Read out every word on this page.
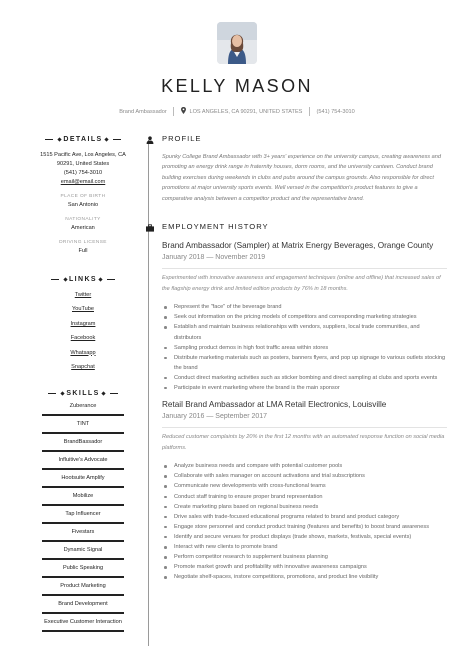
KELLY MASON
Brand Ambassador	LOS ANGELES, CA 90291, UNITED STATES	(541) 754-3010
DETAILS
1515 Pacific Ave, Los Angeles, CA
90291, United States
(541) 754-3010
email@email.com
PLACE OF BIRTH
San Antonio
NATIONALITY
American
DRIVING LICENSE
Full
LINKS
Twitter
YouTube
Instagram
Facebook
Whatsapp
Snapchat
SKILLS
Zuberance
TINT
BrandBassador
Influitive's Advocate
Hootsuite Amplify
Mobilize
Tap Influencer
Fivestars
Dynamic Signal
Public Speaking
Product Marketing
Brand Development
Executive Customer Interaction
PROFILE
Spunky College Brand Ambassador with 3+ years' experience on the university campus, creating awareness and promoting an energy drink range in fraternity houses, dorm rooms, and the university canteen. Conduct brand building exercises during weekends in clubs and pubs around the campus grounds. Also responsible for direct promotions at major university sports events. Well versed in the competition's product features to give a comparative analysis between a competitor product and the representative brand.
EMPLOYMENT HISTORY
Brand Ambassador (Sampler) at Matrix Energy Beverages, Orange County
January 2018 — November 2019
Experimented with innovative awareness and engagement techniques (online and offline) that increased sales of the flagship energy drink and limited edition products by 76% in 18 months.
Represent the "face" of the beverage brand
Seek out information on the pricing models of competitors and corresponding marketing strategies
Establish and maintain business relationships with vendors, suppliers, local trade communities, and distributors
Sampling product demos in high foot traffic areas within stores
Distribute marketing materials such as posters, banners flyers, and pop up signage to various outlets stocking the brand
Conduct direct marketing activities such as sticker bombing and direct sampling at clubs and sports events
Participate in event marketing where the brand is the main sponsor
Retail Brand Ambassador at LMA Retail Electronics, Louisville
January 2016 — September 2017
Reduced customer complaints by 20% in the first 12 months with an automated response function on social media platforms.
Analyze business needs and compare with potential customer pools
Collaborate with sales manager on account activations and trial subscriptions
Communicate new developments with cross-functional teams
Conduct staff training to ensure proper brand representation
Create marketing plans based on regional business needs
Drive sales with trade-focused educational programs related to brand and product category
Engage store personnel and conduct product training (features and benefits) to boost brand awareness
Identify and secure venues for product displays (trade shows, markets, festivals, special events)
Interact with new clients to promote brand
Perform competitor research to supplement business planning
Promote market growth and profitability with innovative awareness campaigns
Negotiate shelf-spaces, instore competitions, promotions, and product line visibility
